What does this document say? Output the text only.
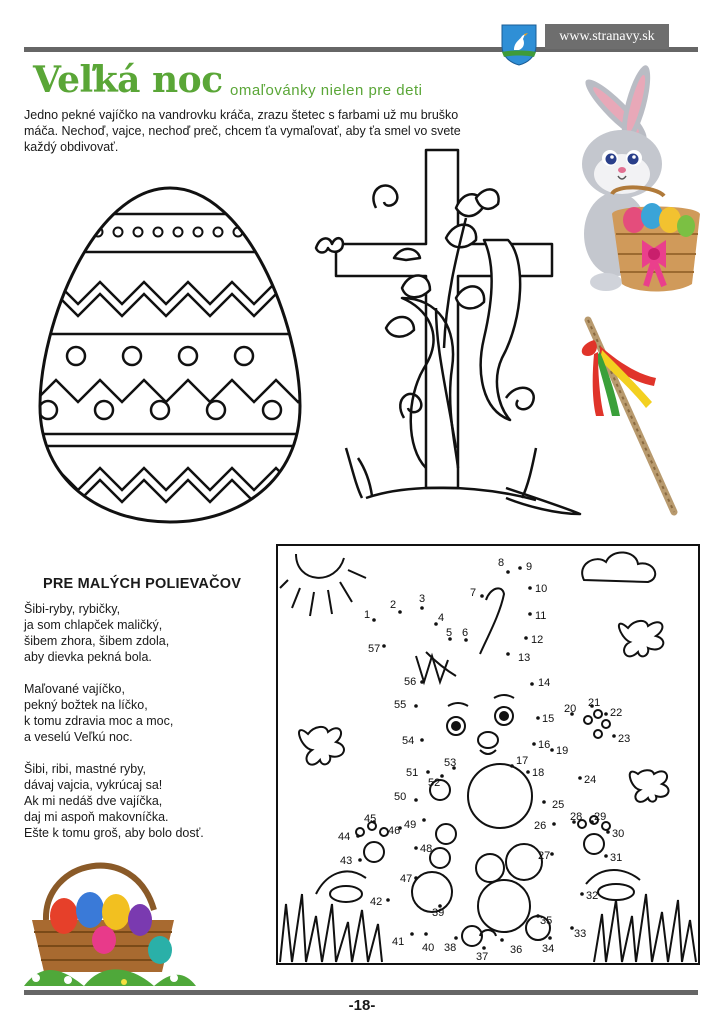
www.stranavy.sk
Veľká noc omaľovánky nielen pre deti
Jedno pekné vajíčko na vandrovku kráča, zrazu štetec s farbami už mu bruško máča. Nechoď, vajce, nechoď preč, chcem ťa vymaľovať, aby ťa smel vo svete každý obdivovať.
PRE MALÝCH POLIEVAČOV
Šibi-ryby, rybičky,
ja som chlapček maličký,
šibem zhora, šibem zdola,
aby dievka pekná bola.
Maľované vajíčko,
pekný božtek na líčko,
k tomu zdravia moc a moc,
a veselú Veľkú noc.
Šibi, ribi, mastné ryby,
dávaj vajcia, vykrúcaj sa!
Ak mi nedáš dve vajíčka,
daj mi aspoň makovníčka.
Ešte k tomu groš, aby bolo dosť.
1
2 3
4
5 6
7
8 9
10
11
12
13
14
15
16
17
18
19
20 21
22
23
24
25
26
27
28 29
30
31
32
33
34
35
36
37
38
39
40
41
42
43
44
45
46
47
48
49
50
51
52
53
54
55
56
57
-18-
